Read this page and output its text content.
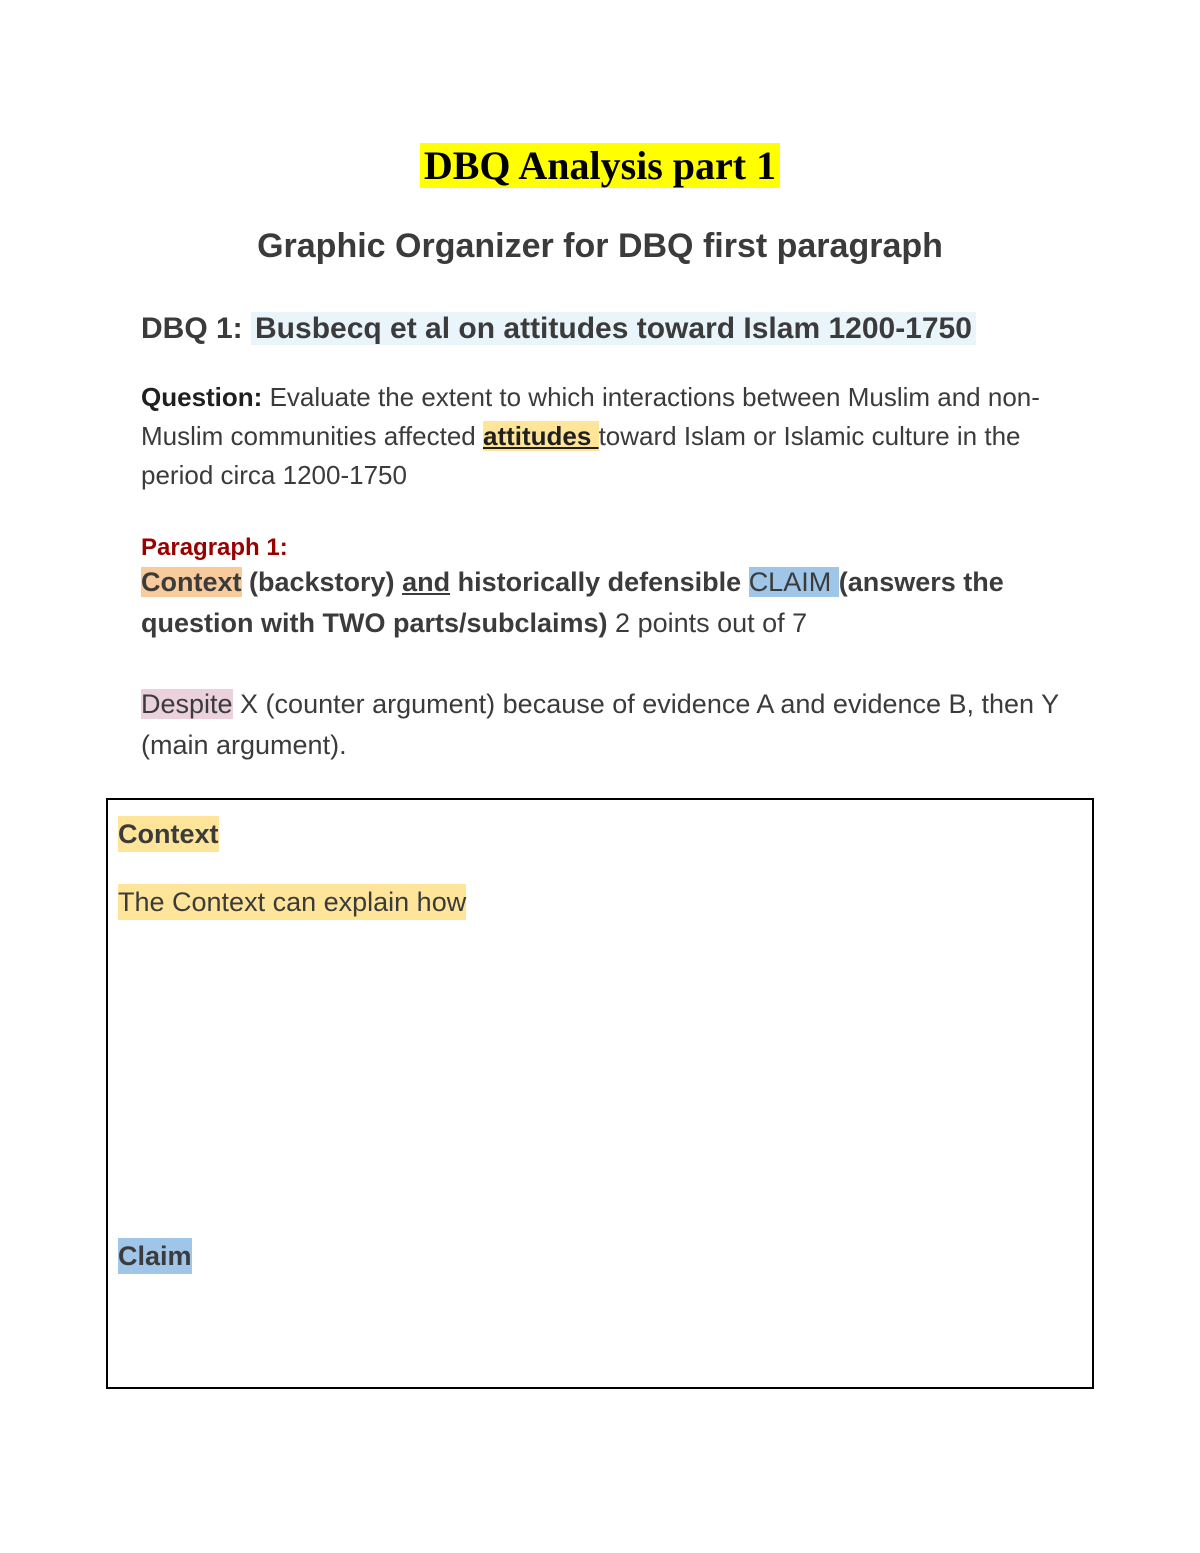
DBQ Analysis part 1
Graphic Organizer for DBQ first paragraph
DBQ 1: Busbecq et al on attitudes toward Islam 1200-1750
Question: Evaluate the extent to which interactions between Muslim and non-Muslim communities affected attitudes toward Islam or Islamic culture in the period circa 1200-1750
Paragraph 1:
Context (backstory) and historically defensible CLAIM (answers the question with TWO parts/subclaims) 2 points out of 7
Despite X (counter argument) because of evidence A and evidence B, then Y (main argument).
Context
The Context can explain how
Claim
